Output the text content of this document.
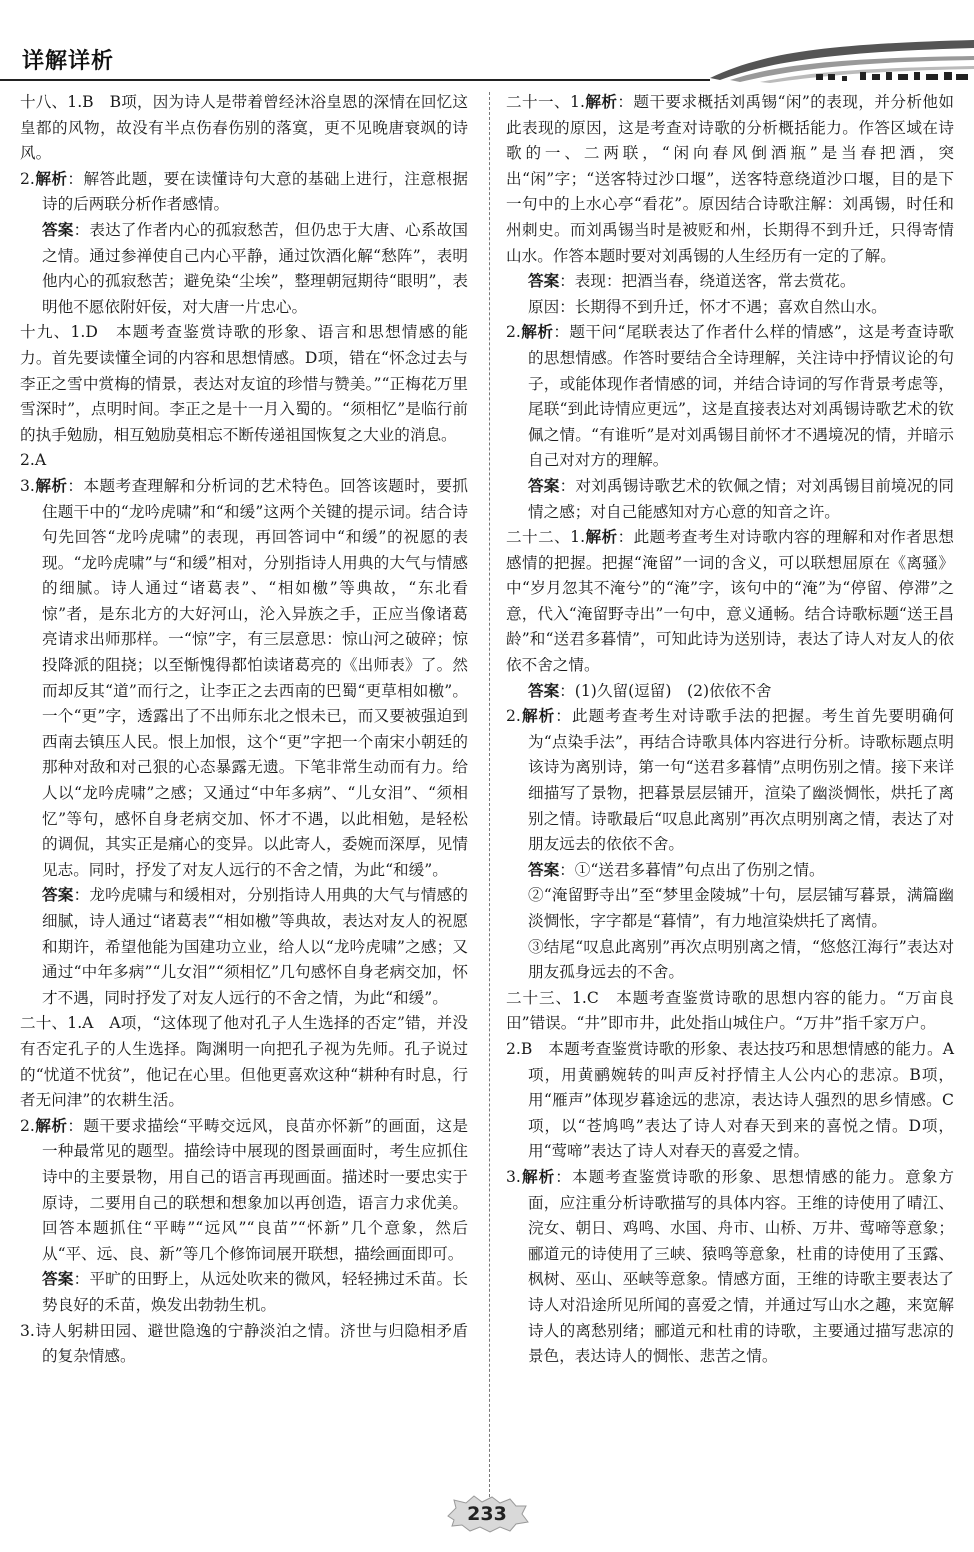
详解详析

十八、1.B　B项，因为诗人是带着曾经沐浴皇恩的深情在回忆这皇都的风物，故没有半点伤春伤别的落寞，更不见晚唐衰飒的诗风。

2.解析：解答此题，要在读懂诗句大意的基础上进行，注意根据诗的后两联分析作者感情。

答案：表达了作者内心的孤寂愁苦，但仍忠于大唐、心系故国之情。通过参禅使自己内心平静，通过饮酒化解“愁阵”，表明他内心的孤寂愁苦；避免染“尘埃”，整理朝冠期待“眼明”，表明他不愿依附奸佞，对大唐一片忠心。

十九、1.D　本题考查鉴赏诗歌的形象、语言和思想情感的能力。首先要读懂全词的内容和思想情感。D项，错在“怀念过去与李正之雪中赏梅的情景，表达对友谊的珍惜与赞美。”“正梅花万里雪深时”，点明时间。李正之是十一月入蜀的。“须相忆”是临行前的执手勉励，相互勉励莫相忘不断传递祖国恢复之大业的消息。

2.A

3.解析：本题考查理解和分析词的艺术特色。回答该题时，要抓住题干中的“龙吟虎啸”和“和缓”这两个关键的提示词。结合诗句先回答“龙吟虎啸”的表现，再回答词中“和缓”的祝愿的表现。“龙吟虎啸”与“和缓”相对，分别指诗人用典的大气与情感的细腻。诗人通过“诸葛表”、“相如檄”等典故，“东北看惊”者，是东北方的大好河山，沦入异族之手，正应当像诸葛亮请求出师那样。一“惊”字，有三层意思：惊山河之破碎；惊投降派的阻挠；以至惭愧得都怕读诸葛亮的《出师表》了。然而却反其“道”而行之，让李正之去西南的巴蜀“更草相如檄”。一个“更”字，透露出了不出师东北之恨未已，而又要被强迫到西南去镇压人民。恨上加恨，这个“更”字把一个南宋小朝廷的那种对敌和对己狠的心态暴露无遗。下笔非常生动而有力。给人以“龙吟虎啸”之感；又通过“中年多病”、“儿女泪”、“须相忆”等句，感怀自身老病交加、怀才不遇，以此相勉，是轻松的调侃，其实正是痛心的变异。以此寄人，委婉而深厚，见情见志。同时，抒发了对友人远行的不舍之情，为此“和缓”。

答案：龙吟虎啸与和缓相对，分别指诗人用典的大气与情感的细腻，诗人通过“诸葛表”“相如檄”等典故，表达对友人的祝愿和期许，希望他能为国建功立业，给人以“龙吟虎啸”之感；又通过“中年多病”“儿女泪”“须相忆”几句感怀自身老病交加，怀才不遇，同时抒发了对友人远行的不舍之情，为此“和缓”。

二十、1.A　A项，“这体现了他对孔子人生选择的否定”错，并没有否定孔子的人生选择。陶渊明一向把孔子视为先师。孔子说过的“忧道不忧贫”，他记在心里。但他更喜欢这种“耕种有时息，行者无问津”的农耕生活。

2.解析：题干要求描绘“平畴交远风，良苗亦怀新”的画面，这是一种最常见的题型。描绘诗中展现的图景画面时，考生应抓住诗中的主要景物，用自己的语言再现画面。描述时一要忠实于原诗，二要用自己的联想和想象加以再创造，语言力求优美。回答本题抓住“平畴”“远风”“良苗”“怀新”几个意象，然后从“平、远、良、新”等几个修饰词展开联想，描绘画面即可。

答案：平旷的田野上，从远处吹来的微风，轻轻拂过禾苗。长势良好的禾苗，焕发出勃勃生机。

3.诗人躬耕田园、避世隐逸的宁静淡泊之情。济世与归隐相矛盾的复杂情感。

二十一、1.解析：题干要求概括刘禹锡“闲”的表现，并分析他如此表现的原因，这是考查对诗歌的分析概括能力。作答区域在诗歌的一、二两联，“闲向春风倒酒瓶”是当春把酒，突出“闲”字；“送客特过沙口堰”，送客特意绕道沙口堰，目的是下一句中的上水心亭“看花”。原因结合诗歌注解：刘禹锡，时任和州刺史。而刘禹锡当时是被贬和州，长期得不到升迁，只得寄情山水。作答本题时要对刘禹锡的人生经历有一定的了解。

答案：表现：把酒当春，绕道送客，常去赏花。

原因：长期得不到升迁，怀才不遇；喜欢自然山水。

2.解析：题干问“尾联表达了作者什么样的情感”，这是考查诗歌的思想情感。作答时要结合全诗理解，关注诗中抒情议论的句子，或能体现作者情感的词，并结合诗词的写作背景考虑等，尾联“到此诗情应更远”，这是直接表达对刘禹锡诗歌艺术的钦佩之情。“有谁听”是对刘禹锡目前怀才不遇境况的情，并暗示自己对对方的理解。

答案：对刘禹锡诗歌艺术的钦佩之情；对刘禹锡目前境况的同情之感；对自己能感知对方心意的知音之许。

二十二、1.解析：此题考查考生对诗歌内容的理解和对作者思想感情的把握。把握“淹留”一词的含义，可以联想屈原在《离骚》中“岁月忽其不淹兮”的“淹”字，该句中的“淹”为“停留、停滞”之意，代入“淹留野寺出”一句中，意义通畅。结合诗歌标题“送王昌龄”和“送君多暮情”，可知此诗为送别诗，表达了诗人对友人的依依不舍之情。

答案：(1)久留(逗留)　(2)依依不舍

2.解析：此题考查考生对诗歌手法的把握。考生首先要明确何为“点染手法”，再结合诗歌具体内容进行分析。诗歌标题点明该诗为离别诗，第一句“送君多暮情”点明伤别之情。接下来详细描写了景物，把暮景层层铺开，渲染了幽淡惆怅，烘托了离别之情。诗歌最后“叹息此离别”再次点明别离之情，表达了对朋友远去的依依不舍。

答案：①“送君多暮情”句点出了伤别之情。

②“淹留野寺出”至“梦里金陵城”十句，层层铺写暮景，满篇幽淡惆怅，字字都是“暮情”，有力地渲染烘托了离情。

③结尾“叹息此离别”再次点明别离之情，“悠悠江海行”表达对朋友孤身远去的不舍。

二十三、1.C　本题考查鉴赏诗歌的思想内容的能力。“万亩良田”错误。“井”即市井，此处指山城住户。“万井”指千家万户。

2.B　本题考查鉴赏诗歌的形象、表达技巧和思想情感的能力。A项，用黄鹂婉转的叫声反衬抒情主人公内心的悲凉。B项，用“雁声”体现岁暮途远的悲凉，表达诗人强烈的思乡情感。C项，以“苍鸠鸣”表达了诗人对春天到来的喜悦之情。D项，用“莺啼”表达了诗人对春天的喜爱之情。

3.解析：本题考查鉴赏诗歌的形象、思想情感的能力。意象方面，应注重分析诗歌描写的具体内容。王维的诗使用了晴江、浣女、朝日、鸡鸣、水国、舟市、山桥、万井、莺啼等意象；郦道元的诗使用了三峡、猿鸣等意象，杜甫的诗使用了玉露、枫树、巫山、巫峡等意象。情感方面，王维的诗歌主要表达了诗人对沿途所见所闻的喜爱之情，并通过写山水之趣，来宽解诗人的离愁别绪；郦道元和杜甫的诗歌，主要通过描写悲凉的景色，表达诗人的惆怅、悲苦之情。

233
